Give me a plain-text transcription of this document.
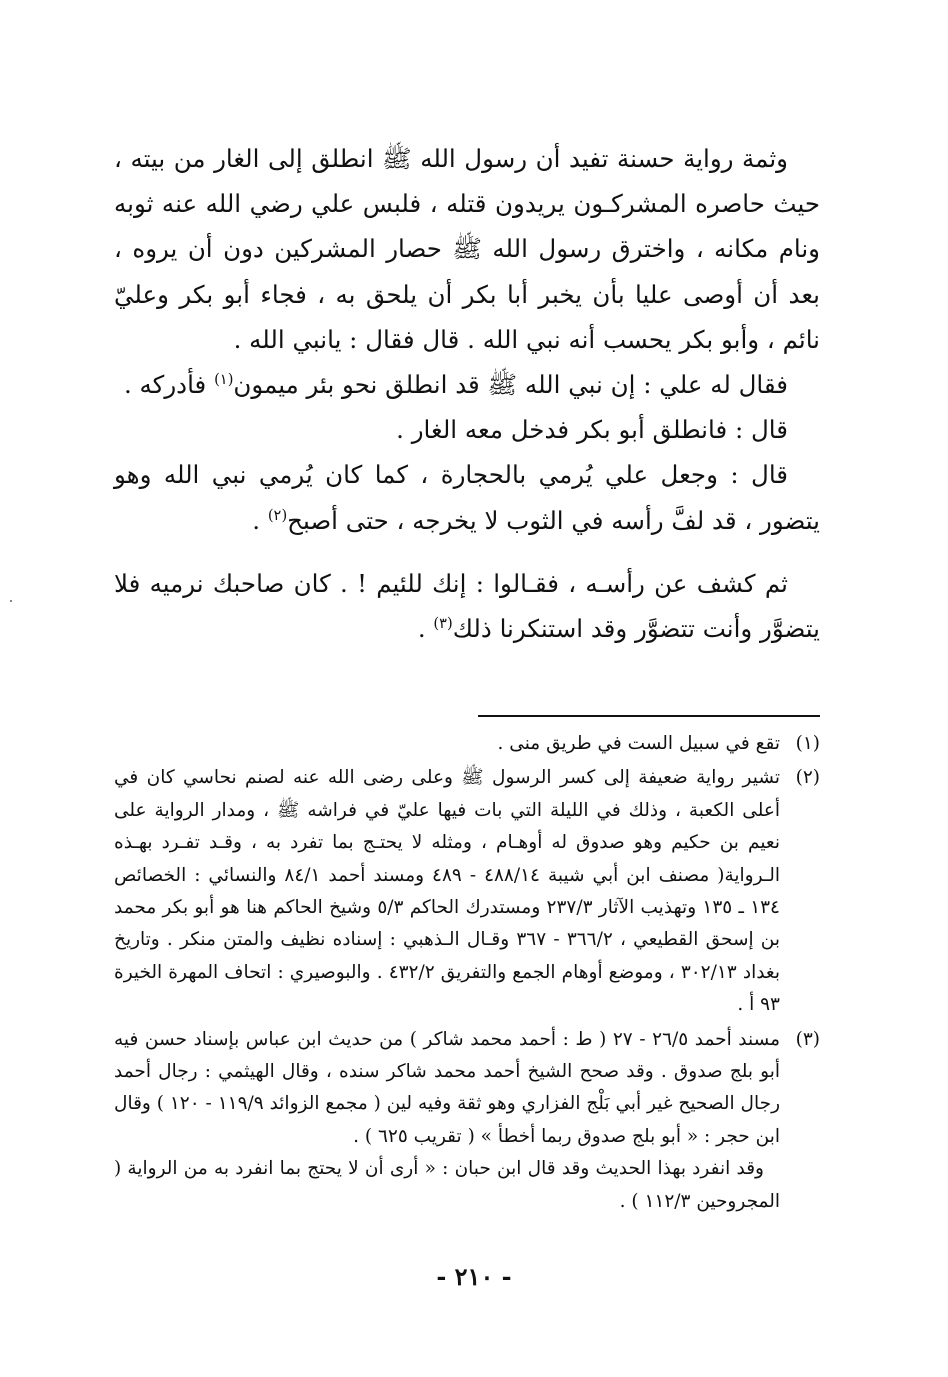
وثمة رواية حسنة تفيد أن رسول الله ﷺ انطلق إلى الغار من بيته ، حيث حاصره المشركـون يريدون قتله ، فلبس علي رضي الله عنه ثوبه ونام مكانه ، واخترق رسول الله ﷺ حصار المشركين دون أن يروه ، بعد أن أوصى عليا بأن يخبر أبا بكر أن يلحق به ، فجاء أبو بكر وعليّ نائم ، وأبو بكر يحسب أنه نبي الله . قال فقال : يانبي الله .

فقال له علي : إن نبي الله ﷺ قد انطلق نحو بئر ميمون$^{(١)}$ فأدركه .

قال : فانطلق أبو بكر فدخل معه الغار .

قال : وجعل علي يُرمي بالحجارة ، كما كان يُرمي نبي الله وهو يتضور ، قد لفَّ رأسه في الثوب لا يخرجه ، حتى أصبح$^{(٢)}$ .

ثم كشف عن رأسـه ، فقـالوا : إنك للئيم ! . كان صاحبك نرميه فلا يتضوَّر وأنت تتضوَّر وقد استنكرنا ذلك$^{(٣)}$ .

(١)

تقع في سبيل الست في طريق منى .

(٢)

تشير رواية ضعيفة إلى كسر الرسول ﷺ وعلى رضى الله عنه لصنم نحاسي كان في أعلى الكعبة ، وذلك في الليلة التي بات فيها عليّ في فراشه ﷺ ، ومدار الرواية على نعيم بن حكيم وهو صدوق له أوهـام ، ومثله لا يحتـج بما تفرد به ، وقـد تفـرد بهـذه الـرواية( مصنف ابن أبي شيبة ٤٨٨/١٤ - ٤٨٩ ومسند أحمد ٨٤/١ والنسائي : الخصائص ١٣٤ ـ ١٣٥ وتهذيب الآثار ٢٣٧/٣ ومستدرك الحاكم ٥/٣ وشيخ الحاكم هنا هو أبو بكر محمد بن إسحق القطيعي ، ٣٦٦/٢ - ٣٦٧ وقـال الـذهبي : إسناده نظيف والمتن منكر . وتاريخ بغداد ٣٠٢/١٣ ، وموضع أوهام الجمع والتفريق ٤٣٢/٢ . والبوصيري : اتحاف المهرة الخيرة ٩٣ أ .

(٣)

مسند أحمد ٢٦/٥ - ٢٧ ( ط : أحمد محمد شاكر ) من حديث ابن عباس بإسناد حسن فيه أبو بلج صدوق . وقد صحح الشيخ أحمد محمد شاكر سنده ، وقال الهيثمي : رجال أحمد رجال الصحيح غير أبي بَلْج الفزاري وهو ثقة وفيه لين ( مجمع الزوائد ١١٩/٩ - ١٢٠ ) وقال ابن حجر : « أبو بلج صدوق ربما أخطأ » ( تقريب ٦٢٥ ) .

وقد انفرد بهذا الحديث وقد قال ابن حبان : « أرى أن لا يحتج بما انفرد به من الرواية ( المجروحين ١١٢/٣ ) .

- ٢١٠ -
